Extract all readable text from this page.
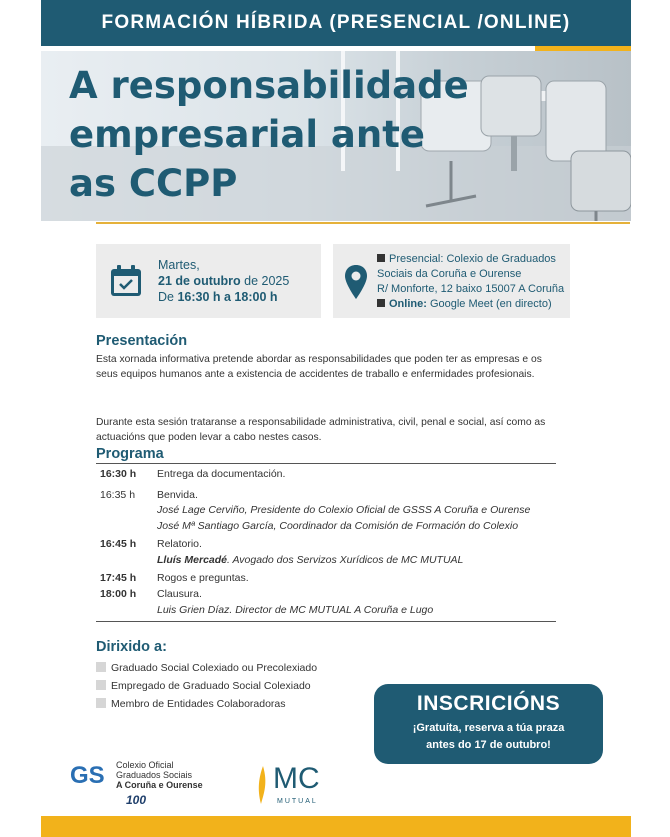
FORMACIÓN HÍBRIDA (PRESENCIAL /ONLINE)
A responsabilidade
empresarial ante
as CCPP
Martes,
21 de outubro de 2025
De 16:30 h a 18:00 h
Presencial: Colexio de Graduados Sociais da Coruña e Ourense
R/ Monforte, 12 baixo 15007 A Coruña
Online: Google Meet (en directo)
Presentación
Esta xornada informativa pretende abordar as responsabilidades que poden ter as empresas e os seus equipos humanos ante a existencia de accidentes de traballo e enfermidades profesionais.
Durante esta sesión trataranse a responsabilidade administrativa, civil, penal e social, así como as actuacións que poden levar a cabo nestes casos.
Programa
16:30 h Entrega da documentación.
16:35 h Benvida.
José Lage Cerviño, Presidente do Colexio Oficial de GSSS A Coruña e Ourense
José Mª Santiago García, Coordinador da Comisión de Formación do Colexio
16:45 h Relatorio.
Lluís Mercadé. Avogado dos Servizos Xurídicos de MC MUTUAL
17:45 h Rogos e preguntas.
18:00 h Clausura.
Luis Grien Díaz. Director de MC MUTUAL A Coruña e Lugo
Dirixido a:
Graduado Social Colexiado ou Precolexiado
Empregado de Graduado Social Colexiado
Membro de Entidades Colaboradoras	INSCRICIÓNS
¡Gratuíta, reserva a túa praza
antes do 17 de outubro!
GS Colexio Oficial
Graduados Sociais
A Coruña e Ourense
100
MC
MUTUAL
